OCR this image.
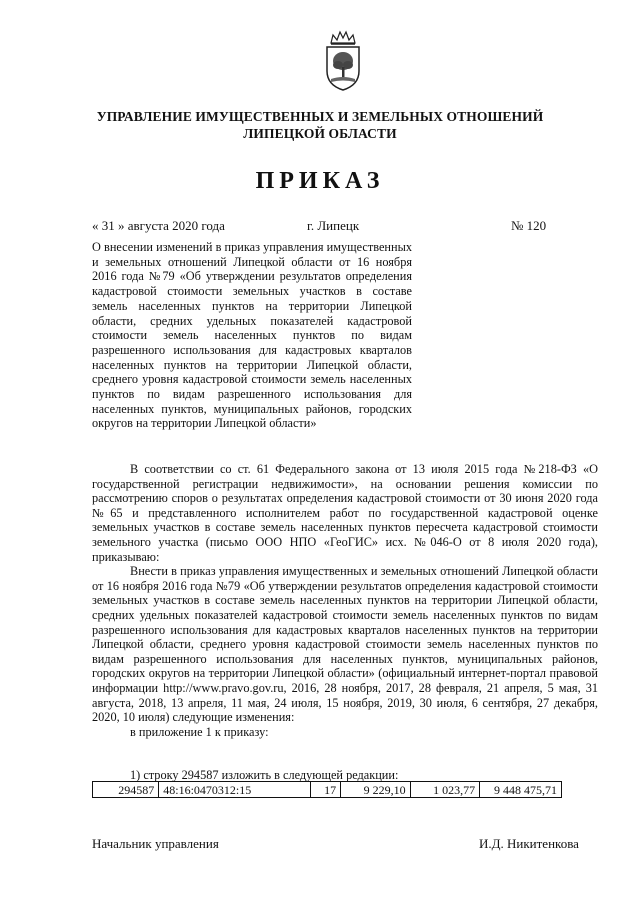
УПРАВЛЕНИЕ ИМУЩЕСТВЕННЫХ И ЗЕМЕЛЬНЫХ ОТНОШЕНИЙ
ЛИПЕЦКОЙ ОБЛАСТИ
ПРИКАЗ
« 31 » августа 2020 года	г. Липецк	№ 120
О внесении изменений в приказ управления имущественных и земельных отношений Липецкой области от 16 ноября 2016 года №79 «Об утверждении результатов определения кадастровой стоимости земельных участков в составе земель населенных пунктов на территории Липецкой области, средних удельных показателей кадастровой стоимости земель населенных пунктов по видам разрешенного использования для кадастровых кварталов населенных пунктов на территории Липецкой области, среднего уровня кадастровой стоимости земель населенных пунктов по видам разрешенного использования для населенных пунктов, муниципальных районов, городских округов на территории Липецкой области»

В соответствии со ст. 61 Федерального закона от 13 июля 2015 года №218-ФЗ «О государственной регистрации недвижимости», на основании решения комиссии по рассмотрению споров о результатах определения кадастровой стоимости от 30 июня 2020 года №65 и представленного исполнителем работ по государственной кадастровой оценке земельных участков в составе земель населенных пунктов пересчета кадастровой стоимости земельного участка (письмо ООО НПО «ГеоГИС» исх. №046-О от 8 июля 2020 года), приказываю:

Внести в приказ управления имущественных и земельных отношений Липецкой области от 16 ноября 2016 года №79 «Об утверждении результатов определения кадастровой стоимости земельных участков в составе земель населенных пунктов на территории Липецкой области, средних удельных показателей кадастровой стоимости земель населенных пунктов по видам разрешенного использования для кадастровых кварталов населенных пунктов на территории Липецкой области, среднего уровня кадастровой стоимости земель населенных пунктов по видам разрешенного использования для населенных пунктов, муниципальных районов, городских округов на территории Липецкой области» (официальный интернет-портал правовой информации http://www.pravo.gov.ru, 2016, 28 ноября, 2017, 28 февраля, 21 апреля, 5 мая, 31 августа, 2018, 13 апреля, 11 мая, 24 июля, 15 ноября, 2019, 30 июля, 6 сентября, 27 декабря, 2020, 10 июля) следующие изменения:

в приложение 1 к приказу:

1) строку 294587 изложить в следующей редакции:
294587	48:16:0470312:15	17	9 229,10	1 023,77	9 448 475,71
Начальник управления	И.Д. Никитенкова
